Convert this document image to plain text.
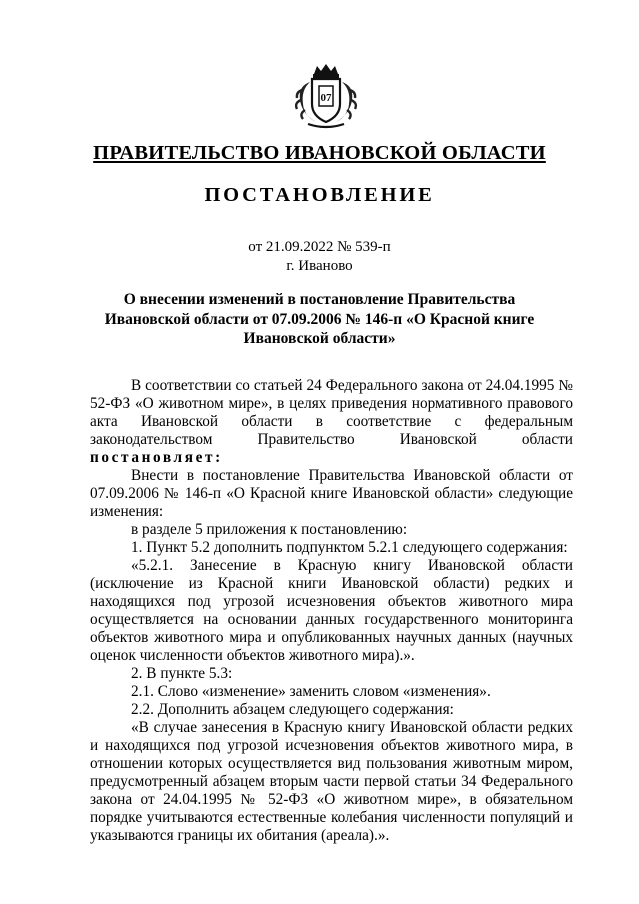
07
ПРАВИТЕЛЬСТВО ИВАНОВСКОЙ ОБЛАСТИ
ПОСТАНОВЛЕНИЕ
от 21.09.2022 № 539-п
г. Иваново
О внесении изменений в постановление Правительства Ивановской области от 07.09.2006 № 146-п «О Красной книге Ивановской области»

В соответствии со статьей 24 Федерального закона от 24.04.1995 № 52-ФЗ «О животном мире», в целях приведения нормативного правового акта Ивановской области в соответствие с федеральным законодательством Правительство Ивановской области

постановляет:

Внести в постановление Правительства Ивановской области от 07.09.2006 № 146-п «О Красной книге Ивановской области» следующие изменения:

в разделе 5 приложения к постановлению:

1. Пункт 5.2 дополнить подпунктом 5.2.1 следующего содержания:

«5.2.1. Занесение в Красную книгу Ивановской области (исключение из Красной книги Ивановской области) редких и находящихся под угрозой исчезновения объектов животного мира осуществляется на основании данных государственного мониторинга объектов животного мира и опубликованных научных данных (научных оценок численности объектов животного мира).».

2. В пункте 5.3:

2.1. Слово «изменение» заменить словом «изменения».

2.2. Дополнить абзацем следующего содержания:

«В случае занесения в Красную книгу Ивановской области редких и находящихся под угрозой исчезновения объектов животного мира, в отношении которых осуществляется вид пользования животным миром, предусмотренный абзацем вторым части первой статьи 34 Федерального закона от 24.04.1995 № 52-ФЗ «О животном мире», в обязательном порядке учитываются естественные колебания численности популяций и указываются границы их обитания (ареала).».
